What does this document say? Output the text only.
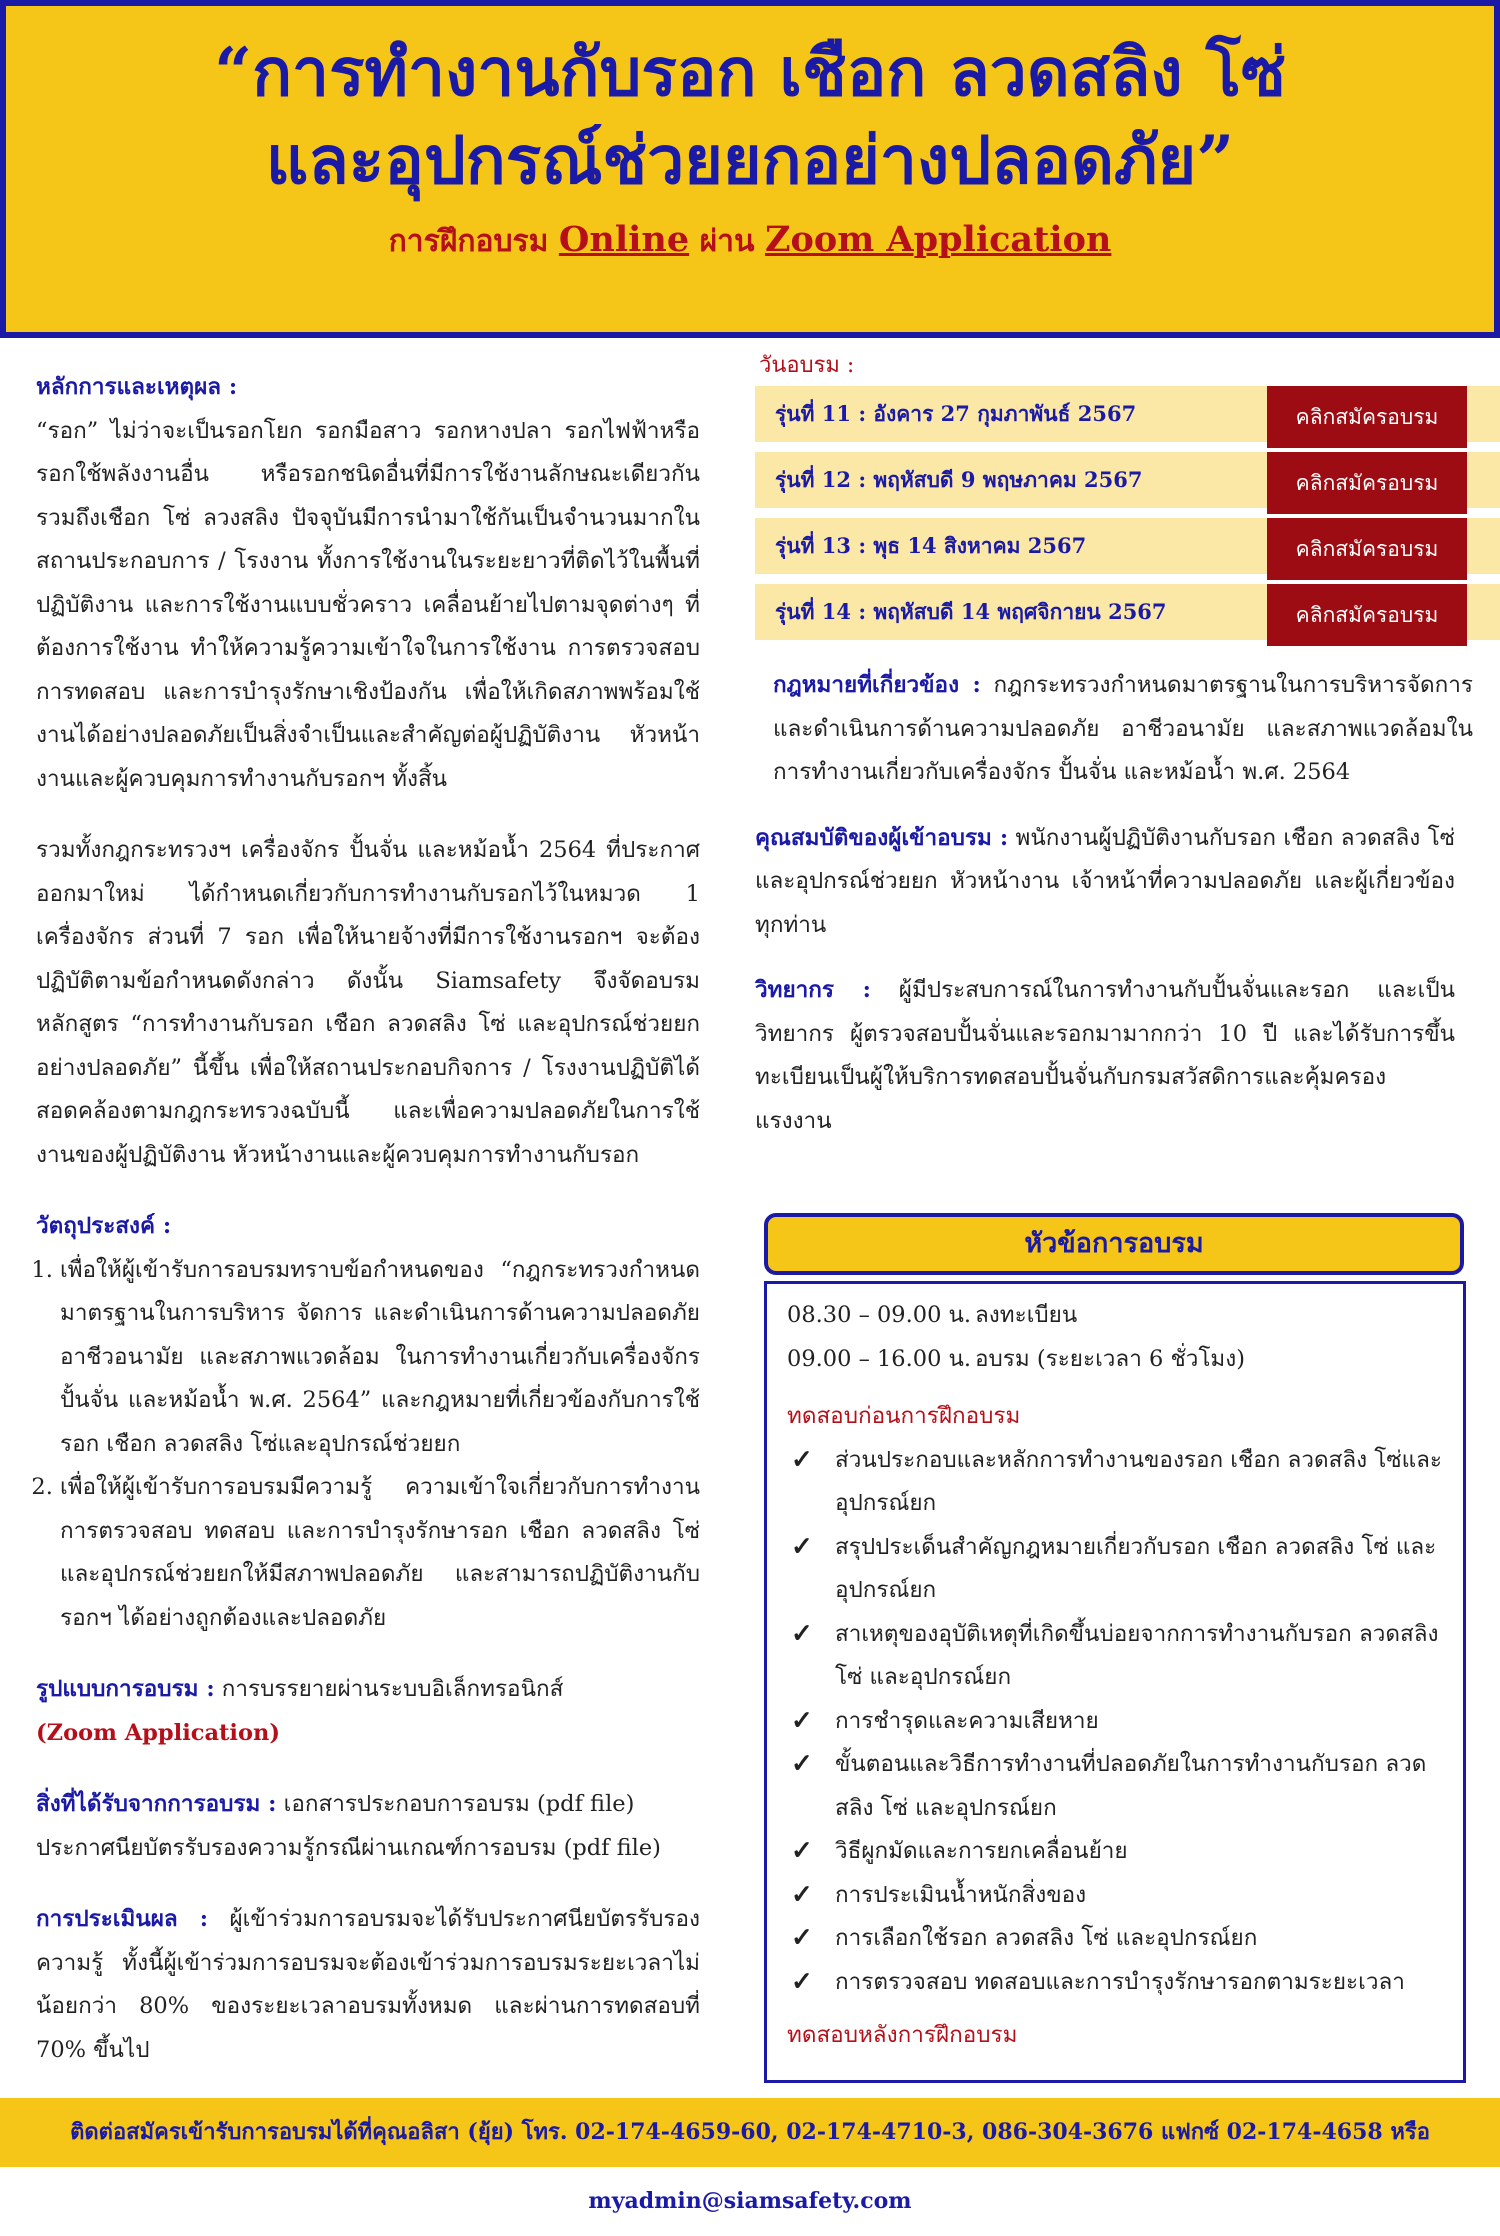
“การทำงานกับรอก เชือก ลวดสลิง โซ่
และอุปกรณ์ช่วยยกอย่างปลอดภัย”
การฝึกอบรม Online ผ่าน Zoom Application
หลักการและเหตุผล :

“รอก” ไม่ว่าจะเป็นรอกโยก รอกมือสาว รอกหางปลา รอกไฟฟ้าหรือรอกใช้พลังงานอื่น หรือรอกชนิดอื่นที่มีการใช้งานลักษณะเดียวกัน รวมถึงเชือก โซ่ ลวงสลิง ปัจจุบันมีการนำมาใช้กันเป็นจำนวนมากในสถานประกอบการ / โรงงาน ทั้งการใช้งานในระยะยาวที่ติดไว้ในพื้นที่ปฏิบัติงาน และการใช้งานแบบชั่วคราว เคลื่อนย้ายไปตามจุดต่างๆ ที่ต้องการใช้งาน ทำให้ความรู้ความเข้าใจในการใช้งาน การตรวจสอบ การทดสอบ และการบำรุงรักษาเชิงป้องกัน เพื่อให้เกิดสภาพพร้อมใช้งานได้อย่างปลอดภัยเป็นสิ่งจำเป็นและสำคัญต่อผู้ปฏิบัติงาน หัวหน้างานและผู้ควบคุมการทำงานกับรอกฯ ทั้งสิ้น

รวมทั้งกฎกระทรวงฯ เครื่องจักร ปั้นจั่น และหม้อน้ำ 2564 ที่ประกาศออกมาใหม่ ได้กำหนดเกี่ยวกับการทำงานกับรอกไว้ในหมวด 1 เครื่องจักร ส่วนที่ 7 รอก เพื่อให้นายจ้างที่มีการใช้งานรอกฯ จะต้องปฏิบัติตามข้อกำหนดดังกล่าว ดังนั้น Siamsafety จึงจัดอบรมหลักสูตร “การทำงานกับรอก เชือก ลวดสลิง โซ่ และอุปกรณ์ช่วยยกอย่างปลอดภัย” นี้ขึ้น เพื่อให้สถานประกอบกิจการ / โรงงานปฏิบัติได้สอดคล้องตามกฎกระทรวงฉบับนี้ และเพื่อความปลอดภัยในการใช้งานของผู้ปฏิบัติงาน หัวหน้างานและผู้ควบคุมการทำงานกับรอก

วัตถุประสงค์ :
1. เพื่อให้ผู้เข้ารับการอบรมทราบข้อกำหนดของ “กฎกระทรวงกำหนดมาตรฐานในการบริหาร จัดการ และดำเนินการด้านความปลอดภัย อาชีวอนามัย และสภาพแวดล้อม ในการทำงานเกี่ยวกับเครื่องจักร ปั้นจั่น และหม้อน้ำ พ.ศ. 2564” และกฎหมายที่เกี่ยวข้องกับการใช้รอก เชือก ลวดสลิง โซ่และอุปกรณ์ช่วยยก
2. เพื่อให้ผู้เข้ารับการอบรมมีความรู้ ความเข้าใจเกี่ยวกับการทำงาน การตรวจสอบ ทดสอบ และการบำรุงรักษารอก เชือก ลวดสลิง โซ่ และอุปกรณ์ช่วยยกให้มีสภาพปลอดภัย และสามารถปฏิบัติงานกับรอกฯ ได้อย่างถูกต้องและปลอดภัย
รูปแบบการอบรม : การบรรยายผ่านระบบอิเล็กทรอนิกส์
(Zoom Application)
สิ่งที่ได้รับจากการอบรม : เอกสารประกอบการอบรม (pdf file)
ประกาศนียบัตรรับรองความรู้กรณีผ่านเกณฑ์การอบรม (pdf file)

การประเมินผล : ผู้เข้าร่วมการอบรมจะได้รับประกาศนียบัตรรับรองความรู้ ทั้งนี้ผู้เข้าร่วมการอบรมจะต้องเข้าร่วมการอบรมระยะเวลาไม่น้อยกว่า 80% ของระยะเวลาอบรมทั้งหมด และผ่านการทดสอบที่ 70% ขึ้นไป

วันอบรม :
รุ่นที่ 11 : อังคาร 27 กุมภาพันธ์ 2567	คลิกสมัครอบรม
รุ่นที่ 12 : พฤหัสบดี 9 พฤษภาคม 2567	คลิกสมัครอบรม
รุ่นที่ 13 : พุธ 14 สิงหาคม 2567	คลิกสมัครอบรม
รุ่นที่ 14 : พฤหัสบดี 14 พฤศจิกายน 2567	คลิกสมัครอบรม

กฎหมายที่เกี่ยวข้อง : กฎกระทรวงกำหนดมาตรฐานในการบริหารจัดการ และดำเนินการด้านความปลอดภัย อาชีวอนามัย และสภาพแวดล้อมในการทำงานเกี่ยวกับเครื่องจักร ปั้นจั่น และหม้อน้ำ พ.ศ. 2564

คุณสมบัติของผู้เข้าอบรม : พนักงานผู้ปฏิบัติงานกับรอก เชือก ลวดสลิง โซ่และอุปกรณ์ช่วยยก หัวหน้างาน เจ้าหน้าที่ความปลอดภัย และผู้เกี่ยวข้องทุกท่าน

วิทยากร : ผู้มีประสบการณ์ในการทำงานกับปั้นจั่นและรอก และเป็นวิทยากร ผู้ตรวจสอบปั้นจั่นและรอกมามากกว่า 10 ปี และได้รับการขึ้นทะเบียนเป็นผู้ให้บริการทดสอบปั้นจั่นกับกรมสวัสดิการและคุ้มครองแรงงาน

หัวข้อการอบรม
08.30 – 09.00 น. ลงทะเบียน
09.00 – 16.00 น. อบรม (ระยะเวลา 6 ชั่วโมง)
ทดสอบก่อนการฝึกอบรม
✓ ส่วนประกอบและหลักการทำงานของรอก เชือก ลวดสลิง โซ่และอุปกรณ์ยก
✓ สรุปประเด็นสำคัญกฎหมายเกี่ยวกับรอก เชือก ลวดสลิง โซ่ และอุปกรณ์ยก
✓ สาเหตุของอุบัติเหตุที่เกิดขึ้นบ่อยจากการทำงานกับรอก ลวดสลิง โซ่ และอุปกรณ์ยก
✓ การชำรุดและความเสียหาย
✓ ขั้นตอนและวิธีการทำงานที่ปลอดภัยในการทำงานกับรอก ลวดสลิง โซ่ และอุปกรณ์ยก
✓ วิธีผูกมัดและการยกเคลื่อนย้าย
✓ การประเมินน้ำหนักสิ่งของ
✓ การเลือกใช้รอก ลวดสลิง โซ่ และอุปกรณ์ยก
✓ การตรวจสอบ ทดสอบและการบำรุงรักษารอกตามระยะเวลา
ทดสอบหลังการฝึกอบรม
ติดต่อสมัครเข้ารับการอบรมได้ที่คุณอลิสา (ยุ้ย) โทร. 02-174-4659-60, 02-174-4710-3, 086-304-3676 แฟกซ์ 02-174-4658 หรือ myadmin@siamsafety.com
